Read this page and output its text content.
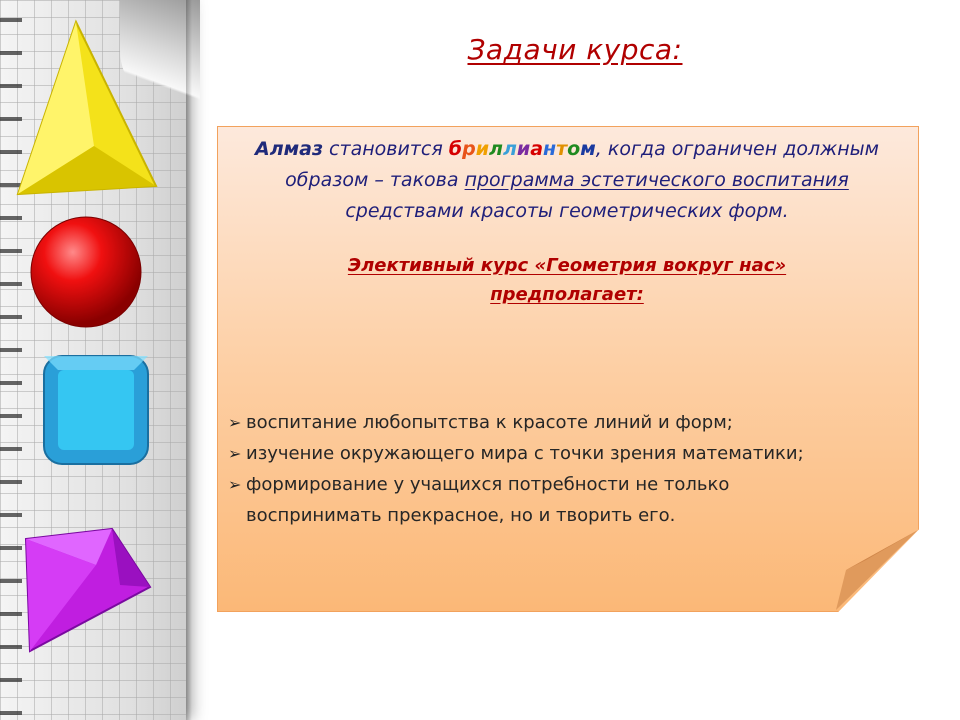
Задачи курса:
Алмаз становится бриллиантом, когда ограничен должным образом – такова программа эстетического воспитания средствами красоты геометрических форм.
Элективный курс «Геометрия вокруг нас»
предполагает:
➢ воспитание любопытства к красоте линий и форм;
➢ изучение окружающего мира с точки зрения математики;
➢ формирование у учащихся потребности не только
воспринимать прекрасное, но и творить его.
